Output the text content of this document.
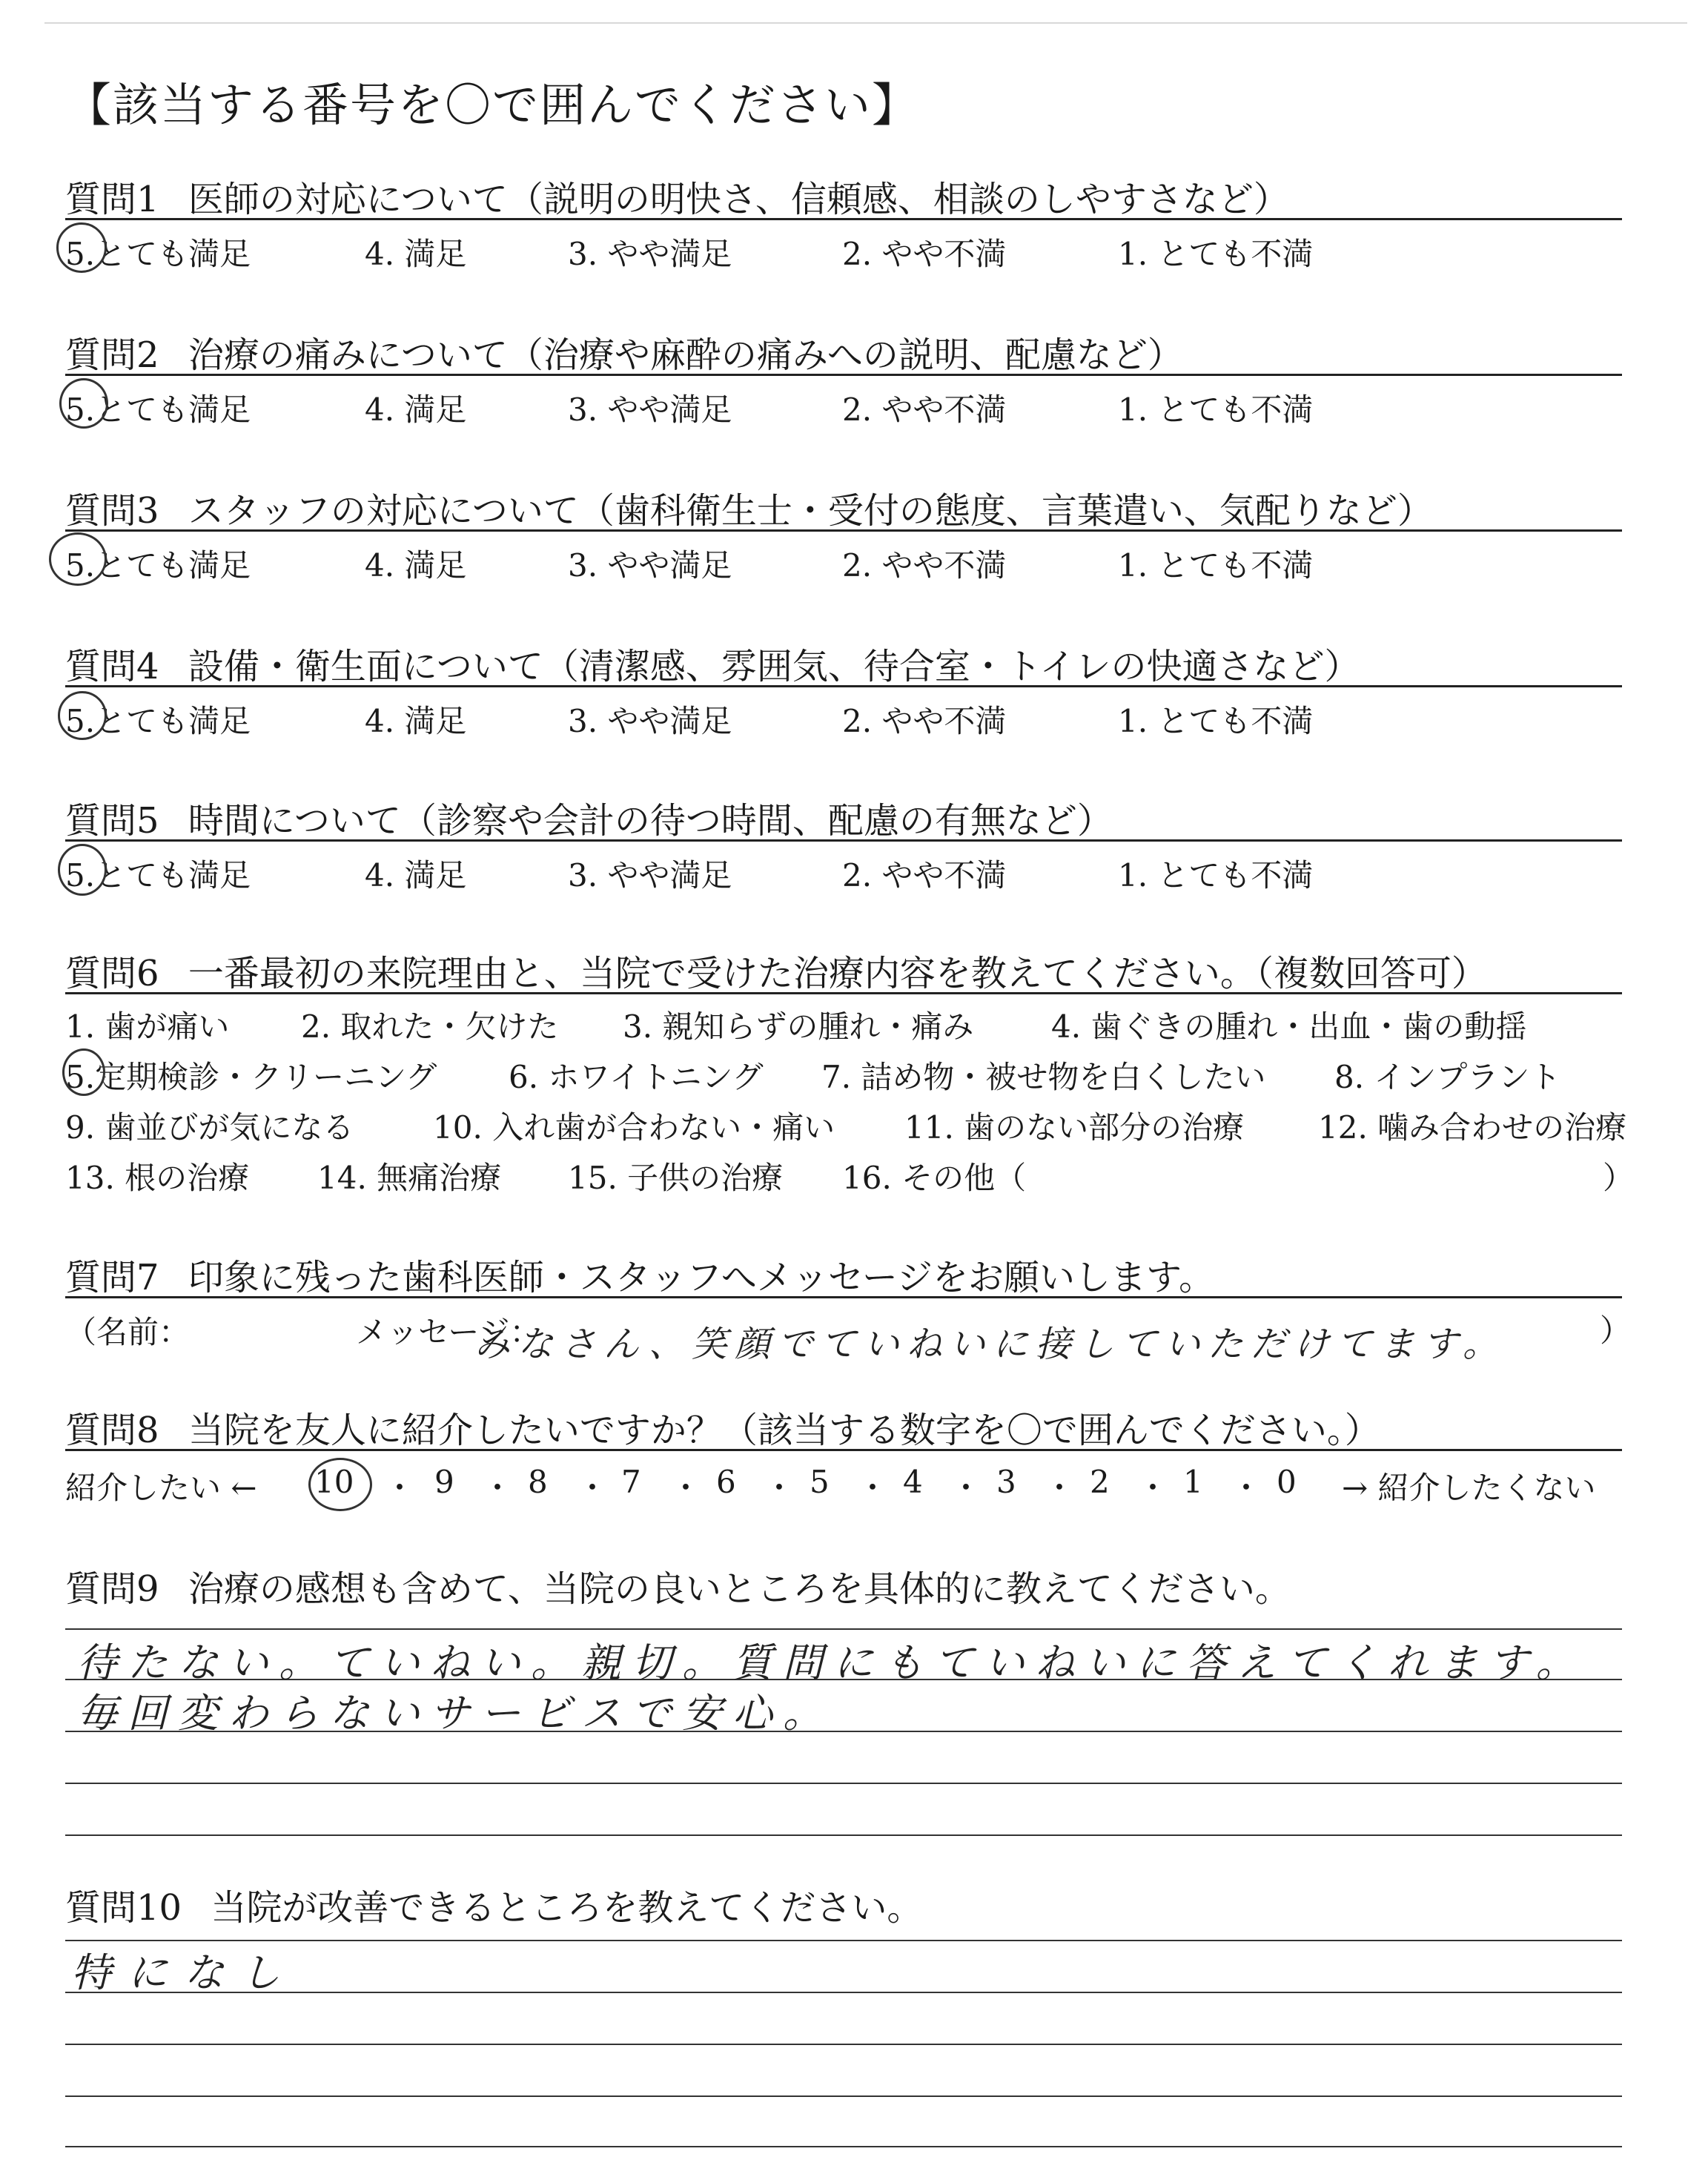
【該当する番号を〇で囲んでください】
質問1 医師の対応について（説明の明快さ、信頼感、相談のしやすさなど）
5.とても満足	4. 満足	3. やや満足	2. やや不満	1. とても不満
質問2 治療の痛みについて（治療や麻酔の痛みへの説明、配慮など）
5.とても満足	4. 満足	3. やや満足	2. やや不満	1. とても不満
質問3 スタッフの対応について（歯科衛生士・受付の態度、言葉遣い、気配りなど）
5.とても満足	4. 満足	3. やや満足	2. やや不満	1. とても不満
質問4 設備・衛生面について（清潔感、雰囲気、待合室・トイレの快適さなど）
5.とても満足	4. 満足	3. やや満足	2. やや不満	1. とても不満
質問5 時間について（診察や会計の待つ時間、配慮の有無など）
5.とても満足	4. 満足	3. やや満足	2. やや不満	1. とても不満
質問6 一番最初の来院理由と、当院で受けた治療内容を教えてください。（複数回答可）
1. 歯が痛い 2. 取れた・欠けた 3. 親知らずの腫れ・痛み 4. 歯ぐきの腫れ・出血・歯の動揺
5.定期検診・クリーニング 6. ホワイトニング 7. 詰め物・被せ物を白くしたい 8. インプラント
9. 歯並びが気になる	10. 入れ歯が合わない・痛い 11. 歯のない部分の治療 12. 噛み合わせの治療
13. 根の治療 14. 無痛治療 15. 子供の治療 16. その他（	）
質問7 印象に残った歯科医師・スタッフへメッセージをお願いします。
（名前：	メッセージ：	）
みなさん、笑顔でていねいに接していただけてます。
質問8 当院を友人に紹介したいですか？（該当する数字を〇で囲んでください。）
紹介したい ← 10 ・ 9 ・ 8 ・ 7 ・ 6 ・ 5 ・ 4 ・ 3 ・ 2 ・ 1 ・ 0 → 紹介したくない
質問9 治療の感想も含めて、当院の良いところを具体的に教えてください。
待たない。ていねい。親切。質問にもていねいに答えてくれます。
毎回変わらないサービスで安心。
質問10 当院が改善できるところを教えてください。
特になし
